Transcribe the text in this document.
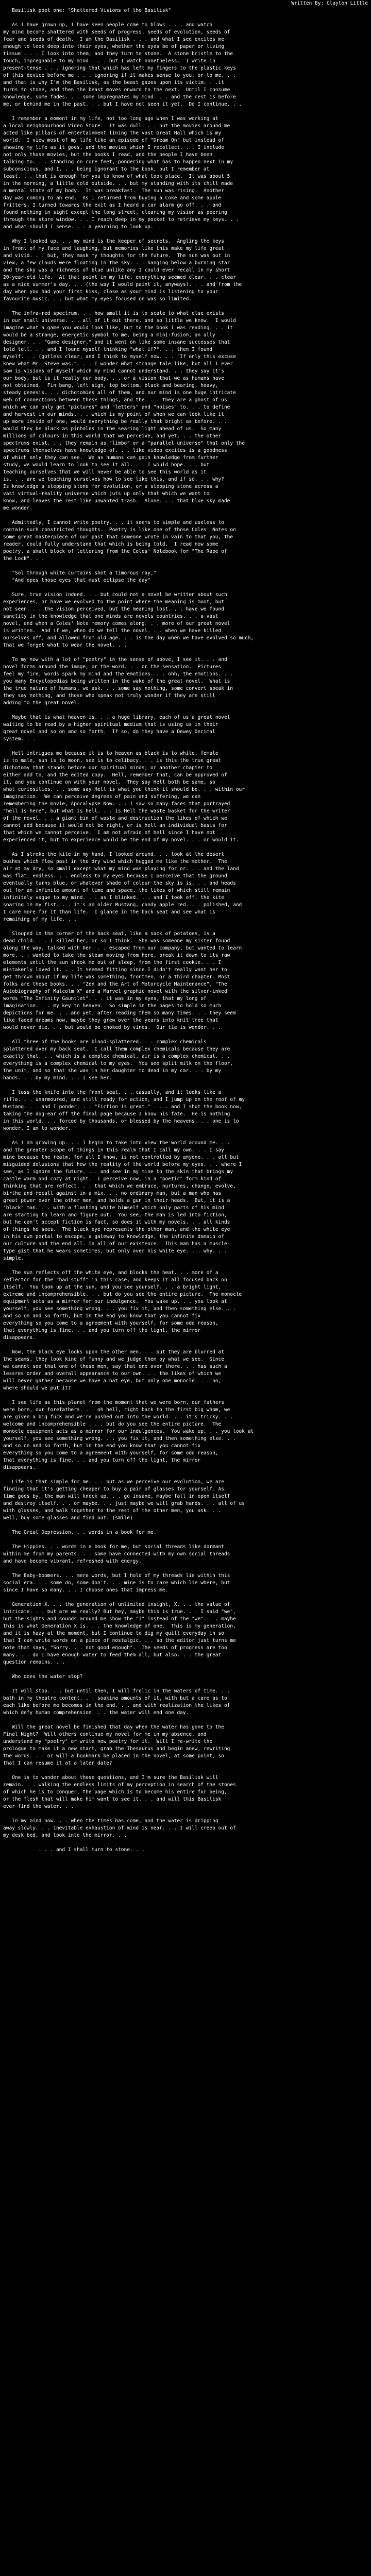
Written By: Clayton Little

Basilisk poet one: "Shattered Visions of the Basilisk"

As I have grown up, I have seen people come to blows . . . and watch
my mind become shattered with seeds of progress, seeds of evolution, seeds of
fear and seeds of death.  I am the Basilisk . . . and what I see excites me
enough to look deep into their eyes, whether the eyes be of paper or living
tissue . . . I look into them, and they turn to stone.  A stone bristle to the
touch, impregnable to my mind . . . but I watch nonetheless.  I write in
present-tense . . . ignoring that which has left my fingers to the plastic keys
of this device before me . . . ignoring if it makes sense to you, or to me. . .
and that is why I'm the Basilisk, as the beast gazes upon its victim. . .it
turns to stone, and then the beast moves onward to the next.  Until I consume
knowledge, some fades. . . some impregnates my mind. . . and the rest is before
me, or behind me in the past. . . but I have not seen it yet.  Do I continue. . .

I remember a moment in my life, not too long ago when I was working at
a local neighbourhood Video Store.  It was dull. . . but the movies around me
acted like pillars of entertainment lining the vast Great Hall which is my
world.  I view most of my life like an episode of "Dream On" but instead of
showing my life as it goes, and the movies which I recollect. . . I include
not only those movies, but the books I read, and the people I have been
talking to. . . standing on core feet, pondering what has to happen next in my
subconscious, and I. . . being ignorant to the book, but I remember at
least. . . that is enough for you to know of what took place.  It was about 5
in the morning, a little cold outside. . . but my standing with its chill made
a mental state of my body.  It was breakfast.  The sun was rising.  Another
day was coming to an end.  As I returned from buying a Coke and some apple
fritters, I turned towards the exit as I heard a car alarm go off. . . and
found nothing in sight except the long street, clearing my vision as peering
through the store window. . . I reach deep in my pocket to retrieve my keys. . .
and what should I sense. . . a yearning to look up.

Why I looked up. . . my mind is the keeper of secrets.  Angling the keys
in front of my face and laughing, but memories like this make my life great
and vivid. . . but, they mask my thoughts for the future.  The sun was out in
view, a few clouds were floating in the sky. . . hanging below a burning star
and the sky was a richness of blue unlike any I could ever recall in my short
20-year-old life.  At that point in my life, everything seemed clear. . . clear
as a nice summer's day. . . (the way I would paint it, anyways). . . and from the
day when you had your first kiss, close as your mind is listening to your
favourite music. . . but what my eyes focused on was so limited.

The infra-red spectrum. . . how small it is to scale to what else exists
in our small universe. . . all of it out there, and so little we know.  I would
imagine what a game you would look like, but to the book I was reading. . . it
would be a strange, energetic symbol to me, being a mini-fusion, an ally
designer. . . "Game designer," and it went on like some insane successes that
told tell. . . and I found myself thinking "what if?". . . then I found
myself. . . (gotless clear, and I think to myself now. . . "If only this excuse
knew what Mr. Steve was.". . . I wonder what strange tale like, but all I ever
saw is visions of myself which my mind cannot understand. . . they say it's
our body, but is it really our body. . . or a vision that we as humans have
not obtained.  Fin bang, left sign, top bottom, black and bearing, heavy,
steady genesis. . . dichotomies all of them, and our mind is one huge intricate
web of connections between these things, and the. . . they are a ghost of us
which we can only get "pictures" and "letters" and "noises" to. . . to define
and harvest in our minds. . . which is my point of when we can look like it
up more inside of one, would everything be really that bright as before. . .
would they be black as pinholes in the searing light ahead of us.  So many
millions of colours in this world that we perceive, and yet. . . the other
spectrums exist. . . they remain as "limbo" or a "parallel universe" that only the
spectrums themselves have knowledge of. . . like video excites is a goodness
of which only they can see.  We as humans can gain knowledge from further
study, we would learn to look to see it all. . . I would hope. . . but
teaching ourselves that we will never be able to see this world as it
is. . . are we teaching ourselves how to see like this, and if so. . . why?
Is knowledge a stepping stone for evolution, or a stepping stone across a
vast virtual-reality universe which juts up only that which we want to
know, and leaves the rest like unwanted trash.  Alone. . . that blue sky made
me wonder.

Admittedly, I cannot write poetry. . . it seems to simple and useless to
contain such constricted thoughts.  Poetry is like one of those Coles' Notes on
some great masterpiece of our past that someone wrote in vain to that you, the
reader, could fully understand that which is being told.  I read now some
poetry, a small block of lettering from the Coles' Notebook for "The Rape of
the Lock". . .

"Sol through white curtains shot a timorous ray,"
"And opes those eyes that must eclipse the day"

Sure, true vision indeed. . . but could not a novel be written about such
experiences, or have we evolved to the point where the meaning is moot, but
not seen. . . the vision perceived, but the meaning lost. . . have we found
sanctity in the knowledge that one minds are novels countries. . . a vast
novel, and when a Coles' Note memory comes along. . . more of our great novel
is written.  And if we, when do we tell the novel. . . when we have killed
ourselves off, and allowed from old age. . . is the day when we have evolved so much,
that we forget what to wear the novel. . .

To my now with a lot of "poetry" in the sense of above, I see it. . . and
novel forms around the image, or the word. . . or the sensation.  Pictures
feel my fire, words spark my mind and the emotions. . . ohh, the emotions. . .
you many Encyclopedias being written in the wake of the great novel.  What is
the true nature of humans, we ask. . . some say nothing, some convert speak in
they say nothing, and those who speak not truly wonder if they are still
adding to the great novel.

Maybe that is what heaven is. . . a huge library, each of us a great novel
waiting to be read by a higher spiritual medium that is using us in their
great novel and so on and so forth.  If so, do they have a Dewey Decimal
system. . .

Hell intrigues me because it is to heaven as black is to white, female
is to male, sun is to moon, sex is to celibacy. . . is this the true great
dichotomy that stands before our spiritual minds; or another chapter to
either add to, and the edited copy.  Hell, remember that, can be approved of
it, and you continue on with your novel.  They say Hell both be same, so
what curiosities. . . some say Hell is what you think it should be. . . within our
imagination.  We can perceive degrees of pain and suffering, we can
remembering the movie, Apocalypse Now. . . I saw so many faces that portrayed
"hell is here", but what is hell. . . is Hell the waste basket for the writer
of the novel. . . a giant bin of waste and destruction the likes of which we
cannot add because it would not be right, or is hell an individual basis for
that which we cannot perceive.  I am not afraid of hell since I have not
experienced it, but to experience would be the end of my novel. . . or would it.

As I stroke the kite in my hand, I looked around. . . look at the desert
bushes which flew past in the dry wind which hugged me like the mother.  The
air at my dry, so small except what my mind was playing for or. . . and the land
was flat, endless. . . endless to my eyes because I perceive that the ground
eventually turns blue, or whatever shade of colour the sky is is. . . and heads
out for an infinite amount of time and space, the likes of which still remain
infinitely vague to my mind. . . as I blinked. . . and I took off, the kite
soaring in my fist. . . it's an older Mustang, candy apple red. . . polished, and
I care more for it than life.  I glance in the back seat and see what is
remaining of my life. . .

Slouped in the corner of the back seat, like a sack of potatoes, is a
dead child. . . I killed her, or so I think.  She was someone my sister found
along the way, talked with her. . . escaped from our company, but wanted to learn
more. . . wanted to take the steam moving from here, break it down to its raw
elements until the sun shook me out of sleep, from the first cookie. . . I
mistakenly loved it. . . It seemed fitting since I didn't really want her to
get thrown about if my life was something, frontmen, or a third chapter. Most
folks are these books. . . "Zen and the Art of Motorcycle Maintenance", "The
Autobiography of Malcolm X" and a Marvel graphic novel with the silver-inked
words "The Infinity Gauntlet". . . it was in my eyes, that my long of
imagination. . . my key to heaven.  So simple in the pages to hold so much
depictions for me. . . and yet, after reading them so many times. . . they seem
like faded dreams now, maybe they grew over the years into knit tree that
would never die. . . but would be choked by vines.  Our tie is wonder. . .

All three of the books are blood-splattered. . . complex chemicals
splattered over my back seat.  I call them complex chemicals because they are
exactly that. . . which is a complex chemical, air is a complex chemical. . .
everything is a complex chemical to my eyes.  You see split milk on the floor,
the unit, and so that she was in her daughter to dead in my car. . . by my
hands. . . by my mind. . . I see her.

I toss the knife into the front seat. . . casually, and it looks like a
rifle. . . unarmoured, and still ready for action, and I jump up on the roof of my
Mustang. . . and I ponder. . . "Fiction is great." . . . and I shut the book now,
taking the dog-ear off the final page because I know his fate.  He is nothing
in this world. . . forced by thousands, or blessed by the heavens. . . one is to
wonder, I am to wonder.

As I am growing up. . . I begin to take into view the world around me. . .
and the greater scope of things in this realm that I call my own. . . I say
mine because the realm, for all I know, is not controlled by anyone. . . all but
misguided delusions that how the reality of the world before my eyes. . . where I
see, as I ignore the future. . . and see in my mine to the skin that brings my
castle warm and cozy at night.  I perceive now, in a "poetic" form kind of
thinking that are reflect. . . that which we embrace, nurtures, change, evolve,
birthe and recall against in a mix. . . no ordinary man, but a man who has
great power over the other men, and holds a gun in their heads.  But, it is a
"black" man. . . with a flashing white himself which only parts of his mind
are starting to learn and figure out.  You see, the man is led into fiction,
but he can't accept fiction is fact, so does it with my novels. . . all kinds
of things he sees.  The black eye represents the other man, and the white eye
in his own portal to escape, a gateway to knowledge, the infinite domain of
our culture and the end all. In all of our existence.  This man has a muscle-
type gist that he wears sometimes, but only over his white eye. . . why. . .
simple.

The sun reflects off the white eye, and blocks the heat. . . more of a
reflector for the "bad stuff" in this case, and keeps it all focused back on
itself.  You look up at the sun, and you see yourself. . . a bright light,
extreme and incomprehensible. . . but do you see the entire picture.  The monocle
equipment acts as a mirror for our indulgence.  You wake up. . . you look at
yourself, you see something wrong. . . you fix it, and then something else. . .
and so on and so forth, but in the end you know that you cannot fix
everything so you come to a agreement with yourself, for some odd reason,
that everything is fine. . . and you turn off the light, the mirror
disappears.

Now, the black eye looks upon the other men. . . but they are blurred at
the seams, they look kind of funny and we judge them by what we see.  Since
we cannot see that one of these men, say that one over there. . . has such a
lessres order and overall appearance to our own. . . the likes of which we
will never gather because we have a hat eye, but only one monocle. . . no,
where should we put it?

I see life as this planet from the moment that we were born, our fathers
were born, our forefathers. . . oh hell, right back to the first big whom, we
are given a big fuck and we're pushed out into the world. . . it's tricky. . .
welcome and incomprehensible . . . but do you see the entire picture.  The
monocle equipment acts as a mirror for our indulgences.  You wake up. . . you look at
yourself, you see something wrong. . . you fix it, and then something else. . .
and so on and so forth, but in the end you know that you cannot fix
everything so you come to a agreement with yourself, for some odd reason,
that everything is fine. . . and you turn off the light, the mirror
disappears.

Life is that simple for me. . . but as we perceive our evolution, we are
finding that it's getting cheaper to buy a pair of glasses for yourself. As
time goes by, the man will knock up. . . go insane, maybe fall in open itself
and destroy itself. . . or maybe. . . just maybe we will grab hands. . . all of us
with glasses, and walk together to the rest of the other men, you ask. . .
well, buy some glasses and find out. (smile)

The Great Depression. . . words in a book for me.

The Hippies. . . words in a book for me, but social threads like dormant
within me from my parents. . . some have connected with my own social threads
and have become vibrant, refreshed with energy.

The Baby-boomers. . . mere words, but I hold of my threads lie within this
social era. . . some do, some don't. . . mine is to care which lie where, but
since I have so many. . . I choose ones that impress me.

Generation X. . . the generation of unlimited insight, X. . . the value of
intricate. . . but are we really? But hey, maybe this is true. . . I said "we",
but the sights and sounds around me show the "I" instead of the "we". . . maybe
this is what Generation X is. . . the knowledge of one.  This is my generation,
and it is hazy at the moment, but I continue to dig my quill everyday in so
that I can write words on a piece of nostalgic. . . so the editor just turns me
note that says, "Sorry. . . not good enough".  The seeds of progress are too
many. . . do I have enough water to feed them all, but also. . . the great
question remains. . .

Who does the water stop?

It will stop. . . but until then, I will frolic in the waters of time. . .
bath in my theatre content. . . soakina amounts of it, with but a care as to
each like before me becomes in the end. . . and with realization the likes of
which defy human comprehension. . . the water will end one day.

Will the great novel be finished that day when the water has gone to the
Final Night?  Will others continue my novel for me in my absence, and
understand my "poetry" or write new poetry for it.  Will I re-write the
prologue to make it a new start, grab the Thesaurus and begin anew, rewriting
the words. . . or will a bookmark be placed in the novel, at some point, so
that I can resume it at a later date?

One is to wonder about these questions, and I'm sure the Basilisk will
remain. . . walking the endless limits of my perception in search of the stones
of which he is to conquer, the page which is to become his entire for being,
or the flesh that will make him want to see it. . . and will this Basilisk
ever find the water. . .

In my mind now. . . when the times has come, and the water is dripping
away slowly. . . inevitable exhaustion of mind is near. . . I will creep out of
my desk bed, and look into the mirror. . .

. . . and I shall turn to stone. . .
